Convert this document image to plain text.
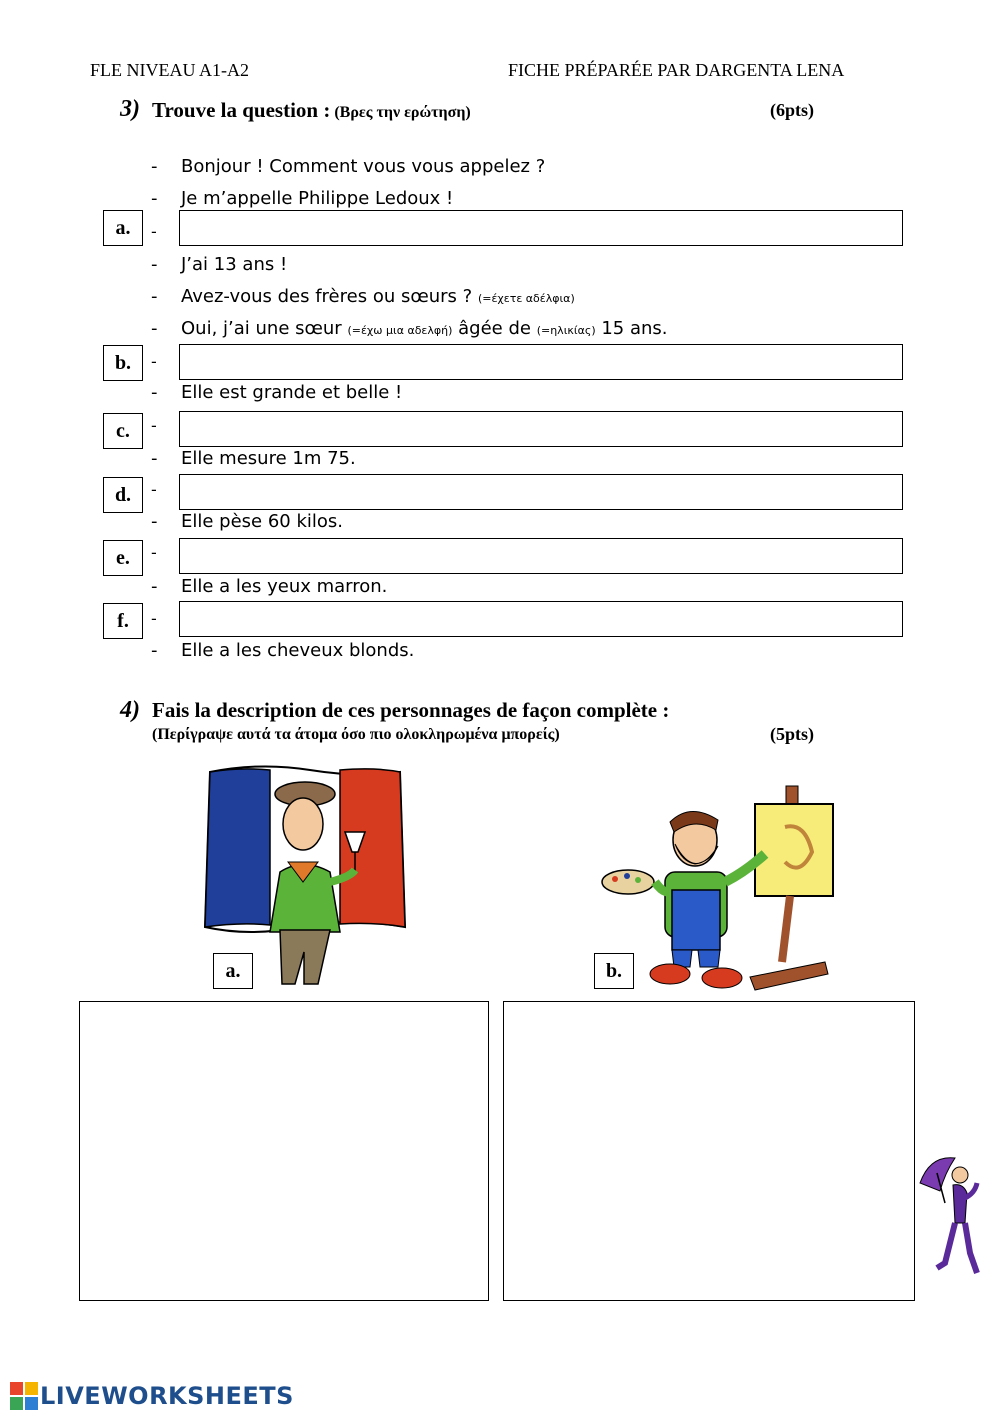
FLE NIVEAU A1-A2	FICHE PRÉPARÉE PAR DARGENTA LENA
3) Trouve la question : (Βρες την ερώτηση)	(6pts)
- Bonjour ! Comment vous vous appelez ?
- Je m’appelle Philippe Ledoux !
a.	-
- J’ai 13 ans !
- Avez-vous des frères ou sœurs ? (=έχετε αδέλφια)
- Oui, j’ai une sœur (=έχω μια αδελφή) âgée de (=ηλικίας) 15 ans.
b.	-
- Elle est grande et belle !
c.	-
- Elle mesure 1m 75.
d.	-
- Elle pèse 60 kilos.
e.	-
- Elle a les yeux marron.
f.	-
- Elle a les cheveux blonds.
4) Fais la description de ces personnages de façon complète :
(Περίγραψε αυτά τα άτομα όσο πιο ολοκληρωμένα μπορείς)	(5pts)
a.	b.
LIVEWORKSHEETS
